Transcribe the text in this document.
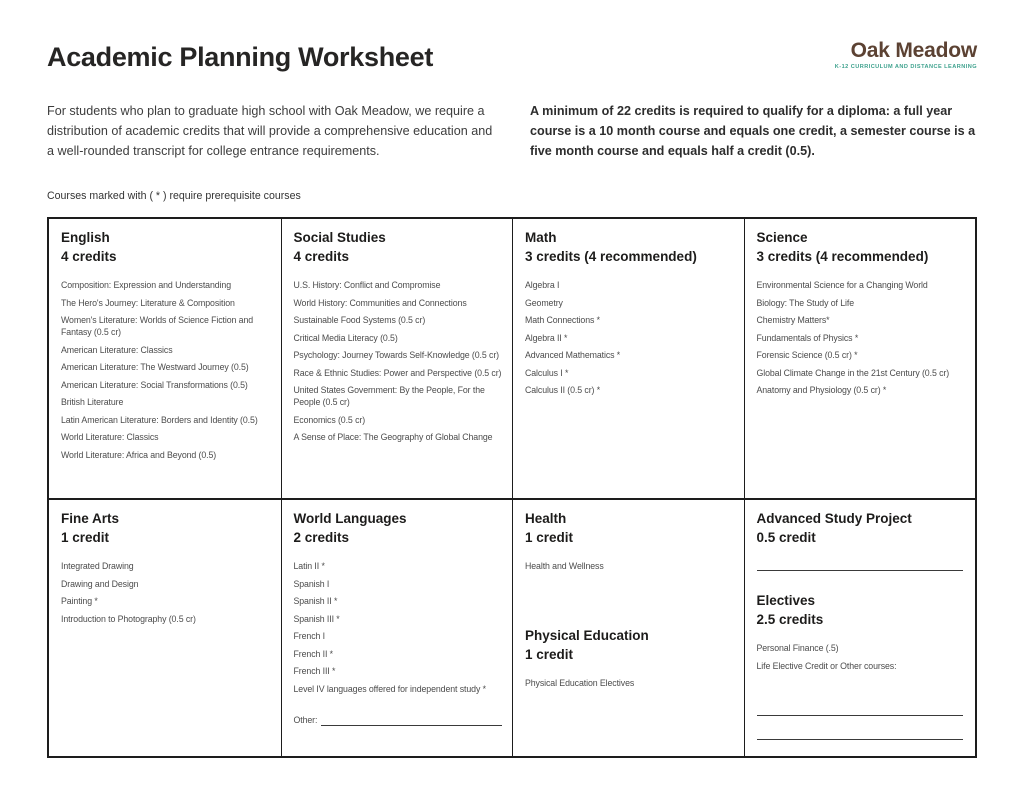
Academic Planning Worksheet	Oak Meadow
K-12 CURRICULUM AND DISTANCE LEARNING

For students who plan to graduate high school with Oak Meadow, we require a distribution of academic credits that will provide a comprehensive education and a well-rounded transcript for college entrance requirements.

A minimum of 22 credits is required to qualify for a diploma: a full year course is a 10 month course and equals one credit, a semester course is a five month course and equals half a credit (0.5).

Courses marked with ( * ) require prerequisite courses

English
4 credits
Composition: Expression and Understanding
The Hero's Journey: Literature & Composition
Women's Literature: Worlds of Science Fiction and Fantasy (0.5 cr)
American Literature: Classics
American Literature: The Westward Journey (0.5)
American Literature: Social Transformations (0.5)
British Literature
Latin American Literature: Borders and Identity (0.5)
World Literature: Classics
World Literature: Africa and Beyond (0.5)
Social Studies
4 credits
U.S. History: Conflict and Compromise
World History: Communities and Connections
Sustainable Food Systems (0.5 cr)
Critical Media Literacy (0.5)
Psychology: Journey Towards Self-Knowledge (0.5 cr)
Race & Ethnic Studies: Power and Perspective (0.5 cr)
United States Government: By the People, For the People (0.5 cr)
Economics (0.5 cr)
A Sense of Place: The Geography of Global Change
Math
3 credits (4 recommended)
Algebra I
Geometry
Math Connections *
Algebra II *
Advanced Mathematics *
Calculus I *
Calculus II (0.5 cr) *
Science
3 credits (4 recommended)
Environmental Science for a Changing World
Biology: The Study of Life
Chemistry Matters*
Fundamentals of Physics *
Forensic Science (0.5 cr) *
Global Climate Change in the 21st Century (0.5 cr)
Anatomy and Physiology (0.5 cr) *
Fine Arts
1 credit
Integrated Drawing
Drawing and Design
Painting *
Introduction to Photography (0.5 cr)
World Languages
2 credits
Latin II *
Spanish I
Spanish II *
Spanish III *
French I
French II *
French III *
Level IV languages offered for independent study *
Other:
Health
1 credit
Health and Wellness
Physical Education
1 credit
Physical Education Electives
Advanced Study Project
0.5 credit
Electives
2.5 credits
Personal Finance (.5)
Life Elective Credit or Other courses:
